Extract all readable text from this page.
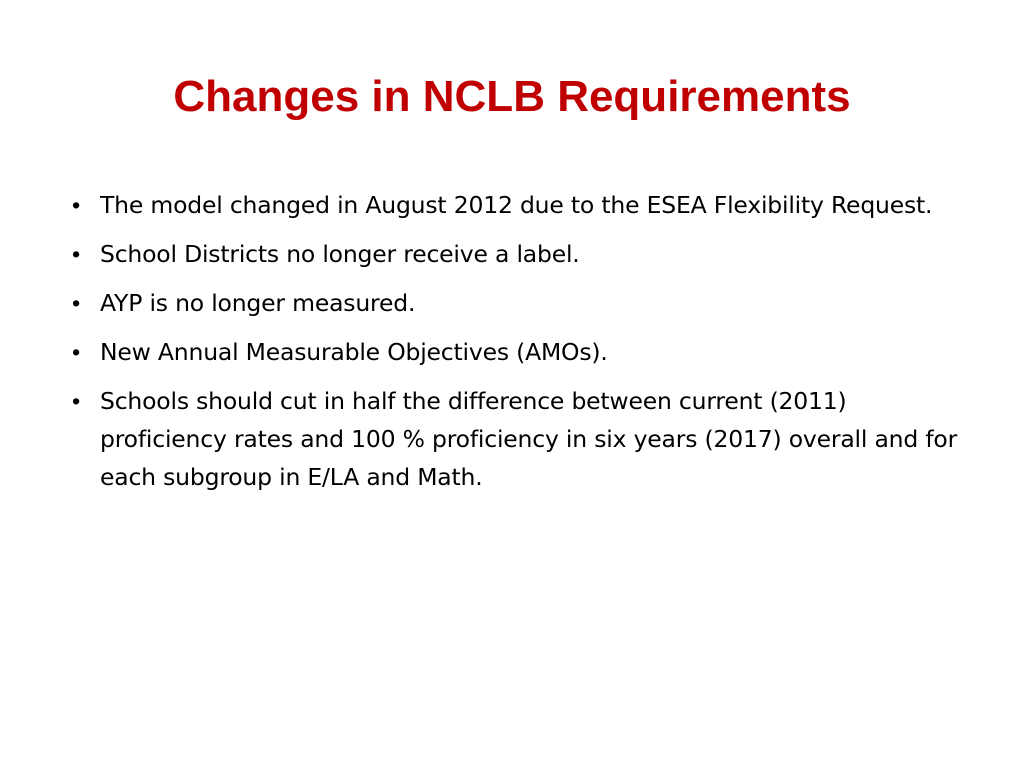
Changes in NCLB Requirements
• The model changed in August 2012 due to the ESEA Flexibility Request.
• School Districts no longer receive a label.
• AYP is no longer measured.
• New Annual Measurable Objectives (AMOs).
• Schools should cut in half the difference between current (2011) proficiency rates and 100 % proficiency in six years (2017) overall and for each subgroup in E/LA and Math.
